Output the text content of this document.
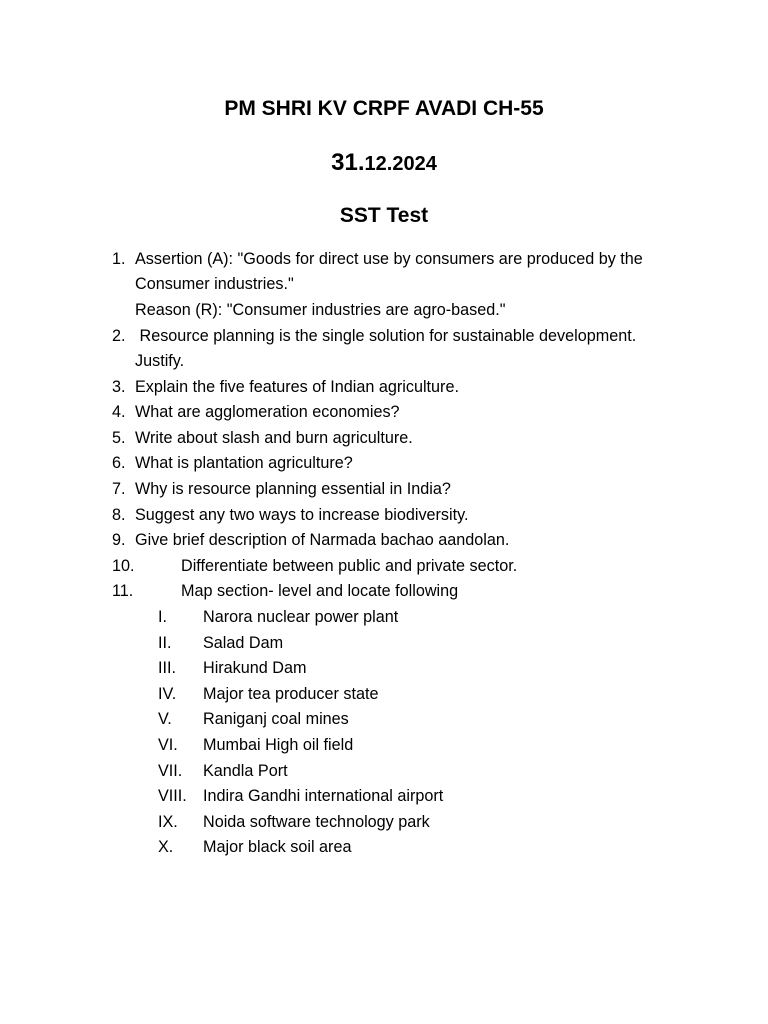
PM SHRI KV CRPF AVADI CH-55
31.12.2024
SST Test
1. Assertion (A): "Goods for direct use by consumers are produced by the
Consumer industries."
Reason (R): "Consumer industries are agro-based."
2. Resource planning is the single solution for sustainable development.
Justify.
3. Explain the five features of Indian agriculture.
4. What are agglomeration economies?
5. Write about slash and burn agriculture.
6. What is plantation agriculture?
7. Why is resource planning essential in India?
8. Suggest any two ways to increase biodiversity.
9. Give brief description of Narmada bachao aandolan.
10.	Differentiate between public and private sector.
11.	Map section- level and locate following
I. Narora nuclear power plant
II. Salad Dam
III. Hirakund Dam
IV. Major tea producer state
V. Raniganj coal mines
VI. Mumbai High oil field
VII. Kandla Port
VIII. Indira Gandhi international airport
IX. Noida software technology park
X. Major black soil area
